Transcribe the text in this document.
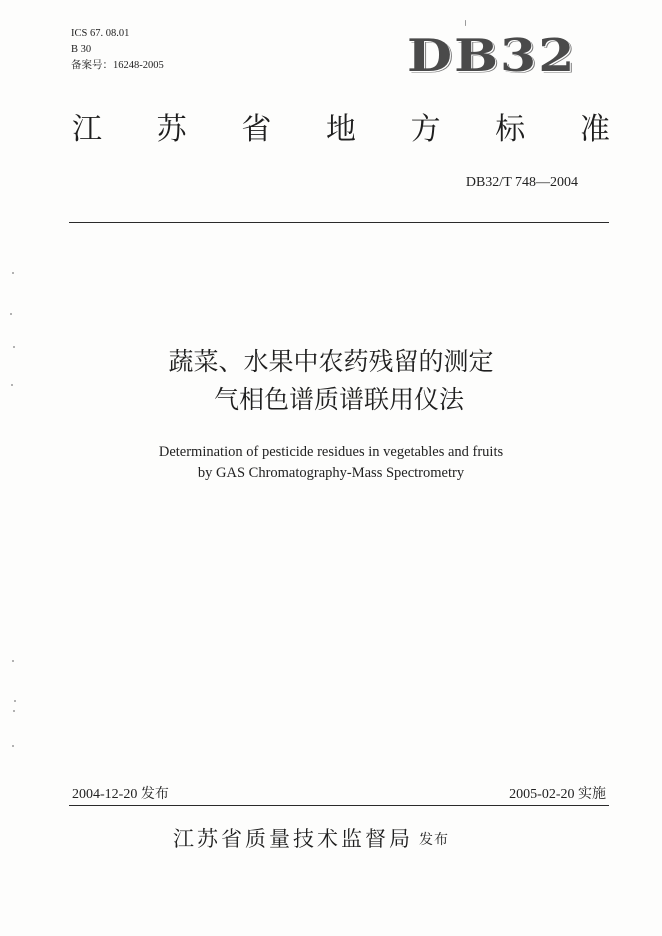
ICS 67. 08.01
B 30
备案号：16248-2005	DB32
江 苏 省 地 方 标 准
DB32/T 748—2004
蔬菜、水果中农药残留的测定
气相色谱质谱联用仪法
Determination of pesticide residues in vegetables and fruits
by GAS Chromatography-Mass Spectrometry
2004-12-20 发布	2005-02-20 实施
江苏省质量技术监督局 发布
